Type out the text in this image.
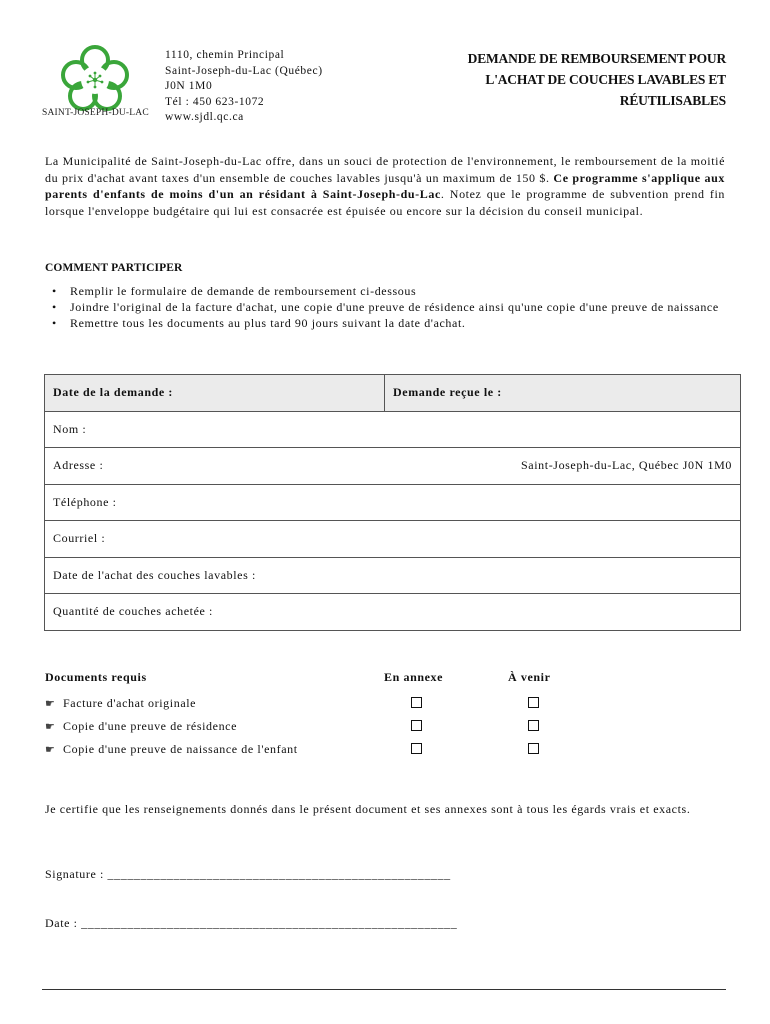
SAINT-JOSEPH-DU-LAC
1110, chemin Principal
Saint-Joseph-du-Lac (Québec)
J0N 1M0
Tél : 450 623-1072
www.sjdl.qc.ca
DEMANDE DE REMBOURSEMENT POUR
L'ACHAT DE COUCHES LAVABLES ET
RÉUTILISABLES
La Municipalité de Saint-Joseph-du-Lac offre, dans un souci de protection de l'environnement, le remboursement de la moitié du prix d'achat avant taxes d'un ensemble de couches lavables jusqu'à un maximum de 150 $. Ce programme s'applique aux parents d'enfants de moins d'un an résidant à Saint-Joseph-du-Lac. Notez que le programme de subvention prend fin lorsque l'enveloppe budgétaire qui lui est consacrée est épuisée ou encore sur la décision du conseil municipal.
COMMENT PARTICIPER
•	Remplir le formulaire de demande de remboursement ci-dessous
•	Joindre l'original de la facture d'achat, une copie d'une preuve de résidence ainsi qu'une copie d'une preuve de naissance
•	Remettre tous les documents au plus tard 90 jours suivant la date d'achat.
Date de la demande :	Demande reçue le :
Nom :
Adresse :	Saint-Joseph-du-Lac, Québec J0N 1M0

Téléphone :
Courriel :
Date de l'achat des couches lavables :
Quantité de couches achetée :
Documents requis	En annexe	À venir
☛ Facture d'achat originale
☛ Copie d'une preuve de résidence
☛ Copie d'une preuve de naissance de l'enfant
Je certifie que les renseignements donnés dans le présent document et ses annexes sont à tous les égards vrais et exacts.
Signature : ____________________________________________________
Date : _________________________________________________________
